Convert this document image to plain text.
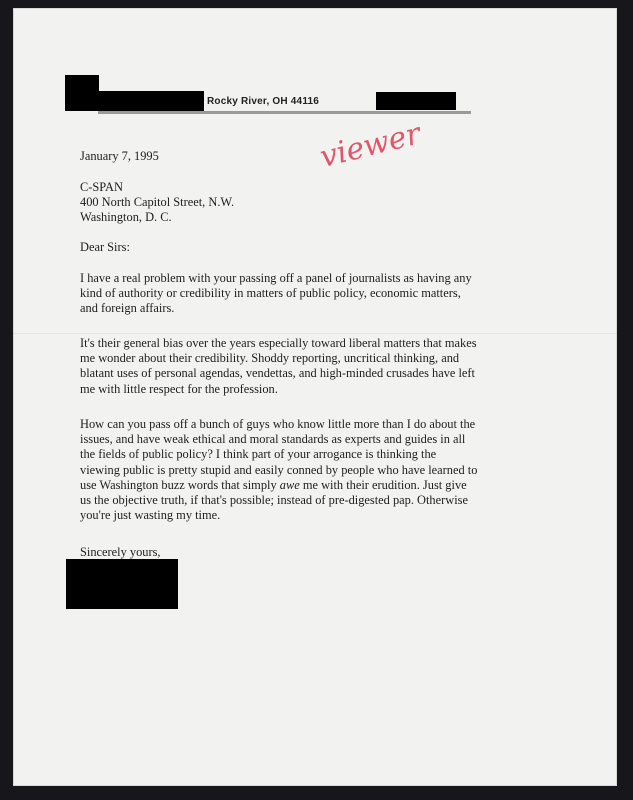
Rocky River, OH 44116
viewer
January 7, 1995
C-SPAN
400 North Capitol Street, N.W.
Washington, D. C.
Dear Sirs:
I have a real problem with your passing off a panel of journalists as having any
kind of authority or credibility in matters of public policy, economic matters,
and foreign affairs.
It's their general bias over the years especially toward liberal matters that makes
me wonder about their credibility. Shoddy reporting, uncritical thinking, and
blatant uses of personal agendas, vendettas, and high-minded crusades have left
me with little respect for the profession.
How can you pass off a bunch of guys who know little more than I do about the
issues, and have weak ethical and moral standards as experts and guides in all
the fields of public policy? I think part of your arrogance is thinking the
viewing public is pretty stupid and easily conned by people who have learned to
use Washington buzz words that simply awe me with their erudition. Just give
us the objective truth, if that's possible; instead of pre-digested pap. Otherwise
you're just wasting my time.
Sincerely yours,
